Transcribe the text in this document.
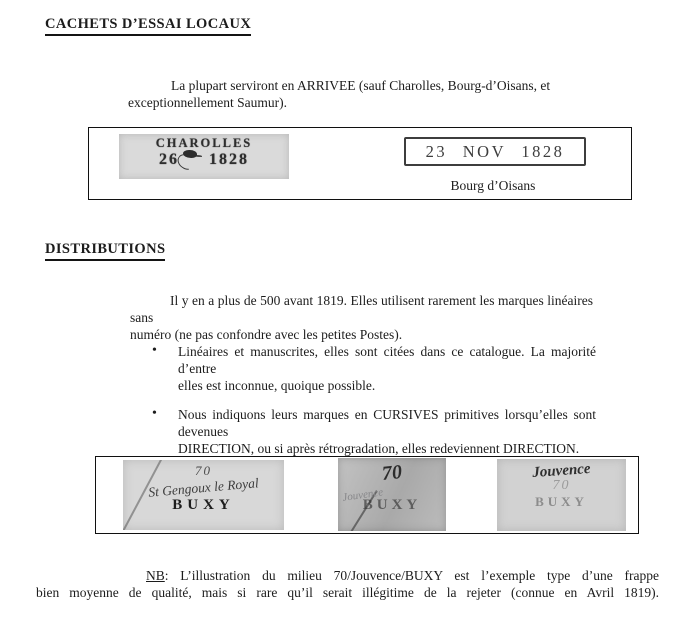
CACHETS D’ESSAI LOCAUX
La plupart serviront en ARRIVEE (sauf Charolles, Bourg-d’Oisans, et
exceptionnellement Saumur).
CHAROLLES
26 1828	23 NOV 1828
Bourg d’Oisans
DISTRIBUTIONS
Il y en a plus de 500 avant 1819. Elles utilisent rarement les marques linéaires sans
numéro (ne pas confondre avec les petites Postes).
• Linéaires et manuscrites, elles sont citées dans ce catalogue. La majorité d’entre
elles est inconnue, quoique possible.
• Nous indiquons leurs marques en CURSIVES primitives lorsqu’elles sont devenues
DIRECTION, ou si après rétrogradation, elles redeviennent DIRECTION.
70
St Gengoux le Royal
BUXY
70
Jouvence
BUXY
Jouvence
70
BUXY
NB: L’illustration du milieu 70/Jouvence/BUXY est l’exemple type d’une frappe
bien moyenne de qualité, mais si rare qu’il serait illégitime de la rejeter (connue en Avril 1819).
